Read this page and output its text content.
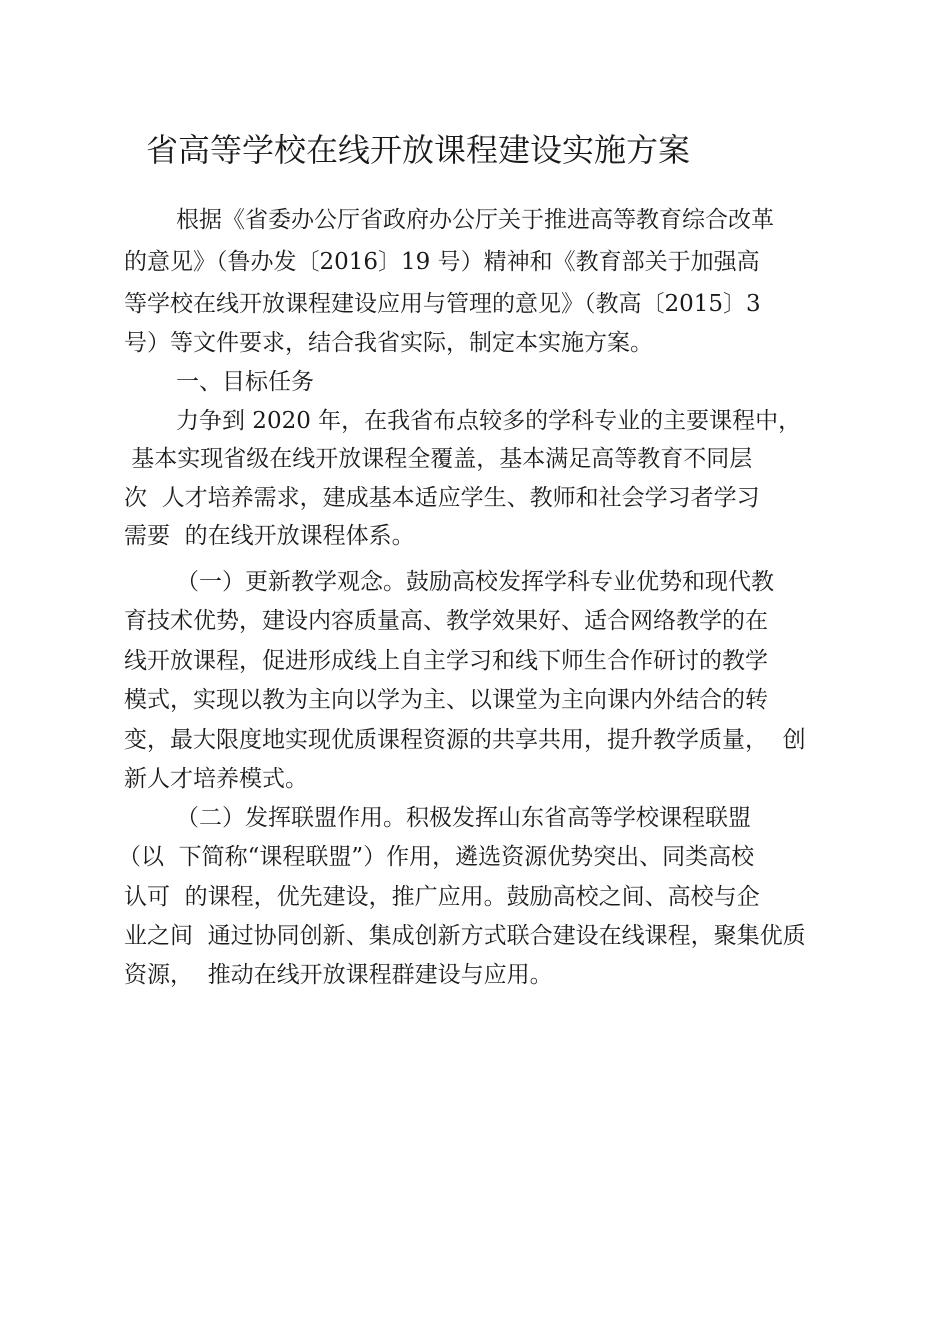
省高等学校在线开放课程建设实施方案
根据《省委办公厅省政府办公厅关于推进高等教育综合改革
的意见》（鲁办发〔2016〕19 号）精神和《教育部关于加强高
等学校在线开放课程建设应用与管理的意见》（教高〔2015〕3
号）等文件要求，结合我省实际，制定本实施方案。
一、目标任务
力争到 2020 年，在我省布点较多的学科专业的主要课程中，
基本实现省级在线开放课程全覆盖，基本满足高等教育不同层
次  人才培养需求，建成基本适应学生、教师和社会学习者学习
需要  的在线开放课程体系。
（一）更新教学观念。鼓励高校发挥学科专业优势和现代教
育技术优势，建设内容质量高、教学效果好、适合网络教学的在
线开放课程，促进形成线上自主学习和线下师生合作研讨的教学
模式，实现以教为主向以学为主、以课堂为主向课内外结合的转
变，最大限度地实现优质课程资源的共享共用，提升教学质量，  创
新人才培养模式。
（二）发挥联盟作用。积极发挥山东省高等学校课程联盟
（以  下简称“课程联盟”）作用，遴选资源优势突出、同类高校
认可  的课程，优先建设，推广应用。鼓励高校之间、高校与企
业之间  通过协同创新、集成创新方式联合建设在线课程，聚集优质
资源，  推动在线开放课程群建设与应用。
